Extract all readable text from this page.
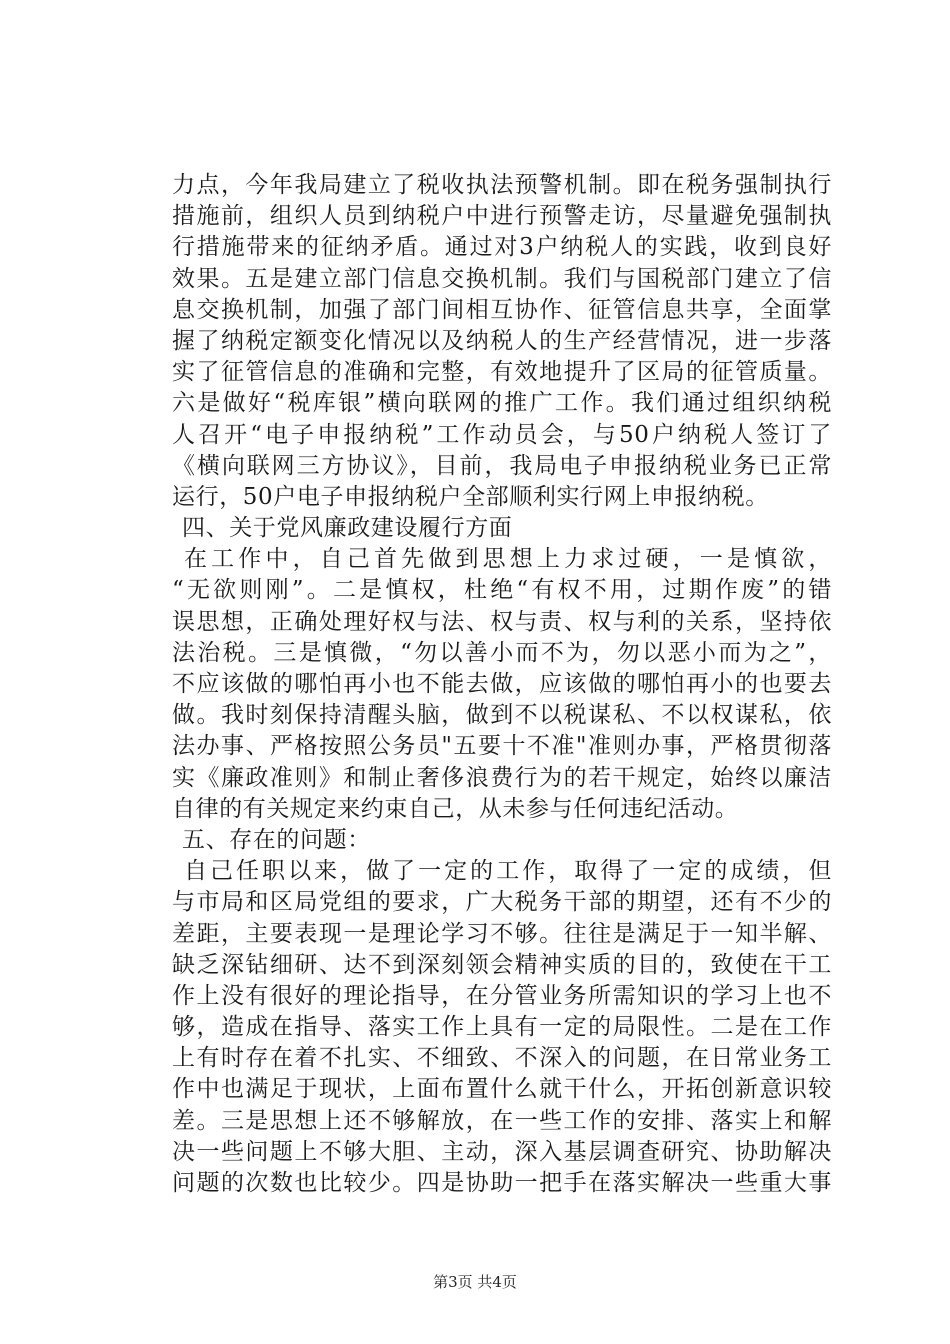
力点，今年我局建立了税收执法预警机制。即在税务强制执行
措施前，组织人员到纳税户中进行预警走访，尽量避免强制执
行措施带来的征纳矛盾。通过对3户纳税人的实践，收到良好
效果。五是建立部门信息交换机制。我们与国税部门建立了信
息交换机制，加强了部门间相互协作、征管信息共享，全面掌
握了纳税定额变化情况以及纳税人的生产经营情况，进一步落
实了征管信息的准确和完整，有效地提升了区局的征管质量。
六是做好“税库银”横向联网的推广工作。我们通过组织纳税
人召开“电子申报纳税”工作动员会，与50户纳税人签订了
《横向联网三方协议》，目前，我局电子申报纳税业务已正常
运行，50户电子申报纳税户全部顺利实行网上申报纳税。
四、关于党风廉政建设履行方面
在工作中，自己首先做到思想上力求过硬，一是慎欲，
“无欲则刚”。二是慎权，杜绝“有权不用，过期作废”的错
误思想，正确处理好权与法、权与责、权与利的关系，坚持依
法治税。三是慎微，“勿以善小而不为，勿以恶小而为之”，
不应该做的哪怕再小也不能去做，应该做的哪怕再小的也要去
做。我时刻保持清醒头脑，做到不以税谋私、不以权谋私，依
法办事、严格按照公务员"五要十不准"准则办事，严格贯彻落
实《廉政准则》和制止奢侈浪费行为的若干规定，始终以廉洁
自律的有关规定来约束自己，从未参与任何违纪活动。
五、存在的问题：
自己任职以来，做了一定的工作，取得了一定的成绩，但
与市局和区局党组的要求，广大税务干部的期望，还有不少的
差距，主要表现一是理论学习不够。往往是满足于一知半解、
缺乏深钻细研、达不到深刻领会精神实质的目的，致使在干工
作上没有很好的理论指导，在分管业务所需知识的学习上也不
够，造成在指导、落实工作上具有一定的局限性。二是在工作
上有时存在着不扎实、不细致、不深入的问题，在日常业务工
作中也满足于现状，上面布置什么就干什么，开拓创新意识较
差。三是思想上还不够解放，在一些工作的安排、落实上和解
决一些问题上不够大胆、主动，深入基层调查研究、协助解决
问题的次数也比较少。四是协助一把手在落实解决一些重大事
第3页 共4页
